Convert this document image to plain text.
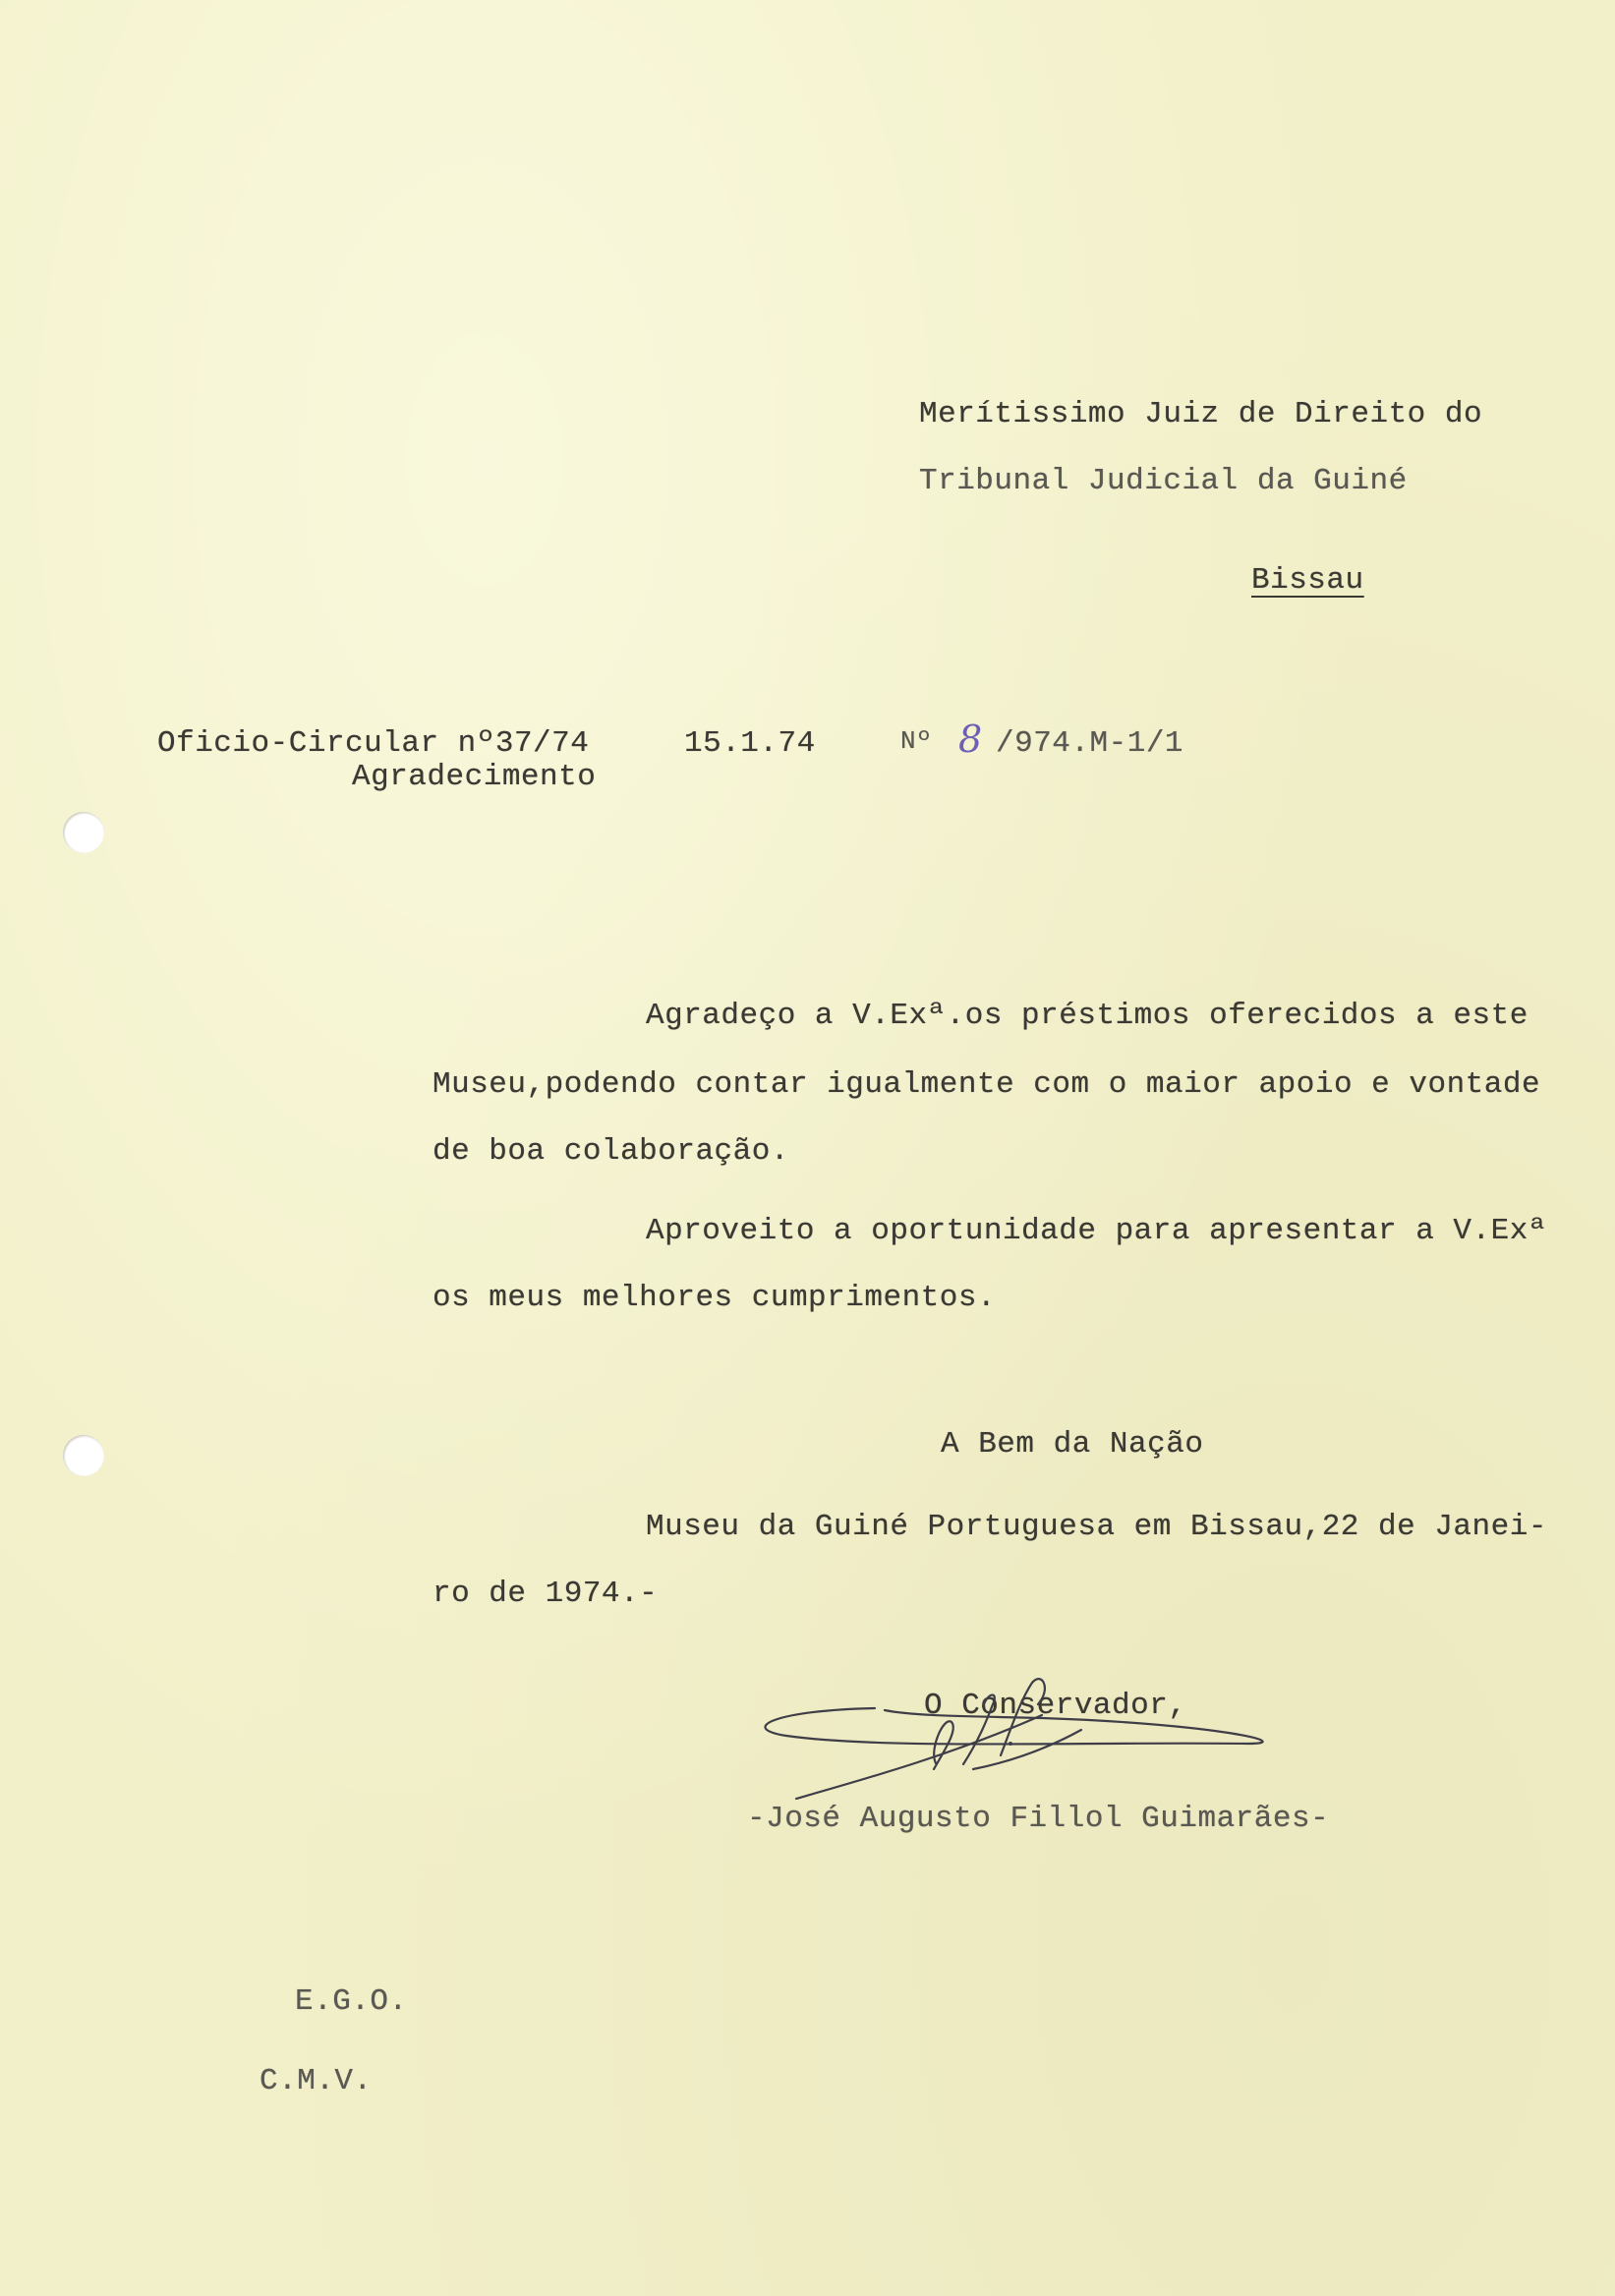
Merítissimo Juiz de Direito do
Tribunal Judicial da Guiné
Bissau
Oficio-Circular nº37/74
Agradecimento
15.1.74	Nº 8 /974.M-1/1
Agradeço a V.Exª.os préstimos oferecidos a este
Museu,podendo contar igualmente com o maior apoio e vontade
de boa colaboração.
Aproveito a oportunidade para apresentar a V.Exª
os meus melhores cumprimentos.
A Bem da Nação
Museu da Guiné Portuguesa em Bissau,22 de Janei-
ro de 1974.-
O Conservador,
-José Augusto Fillol Guimarães-
E.G.O.
C.M.V.
